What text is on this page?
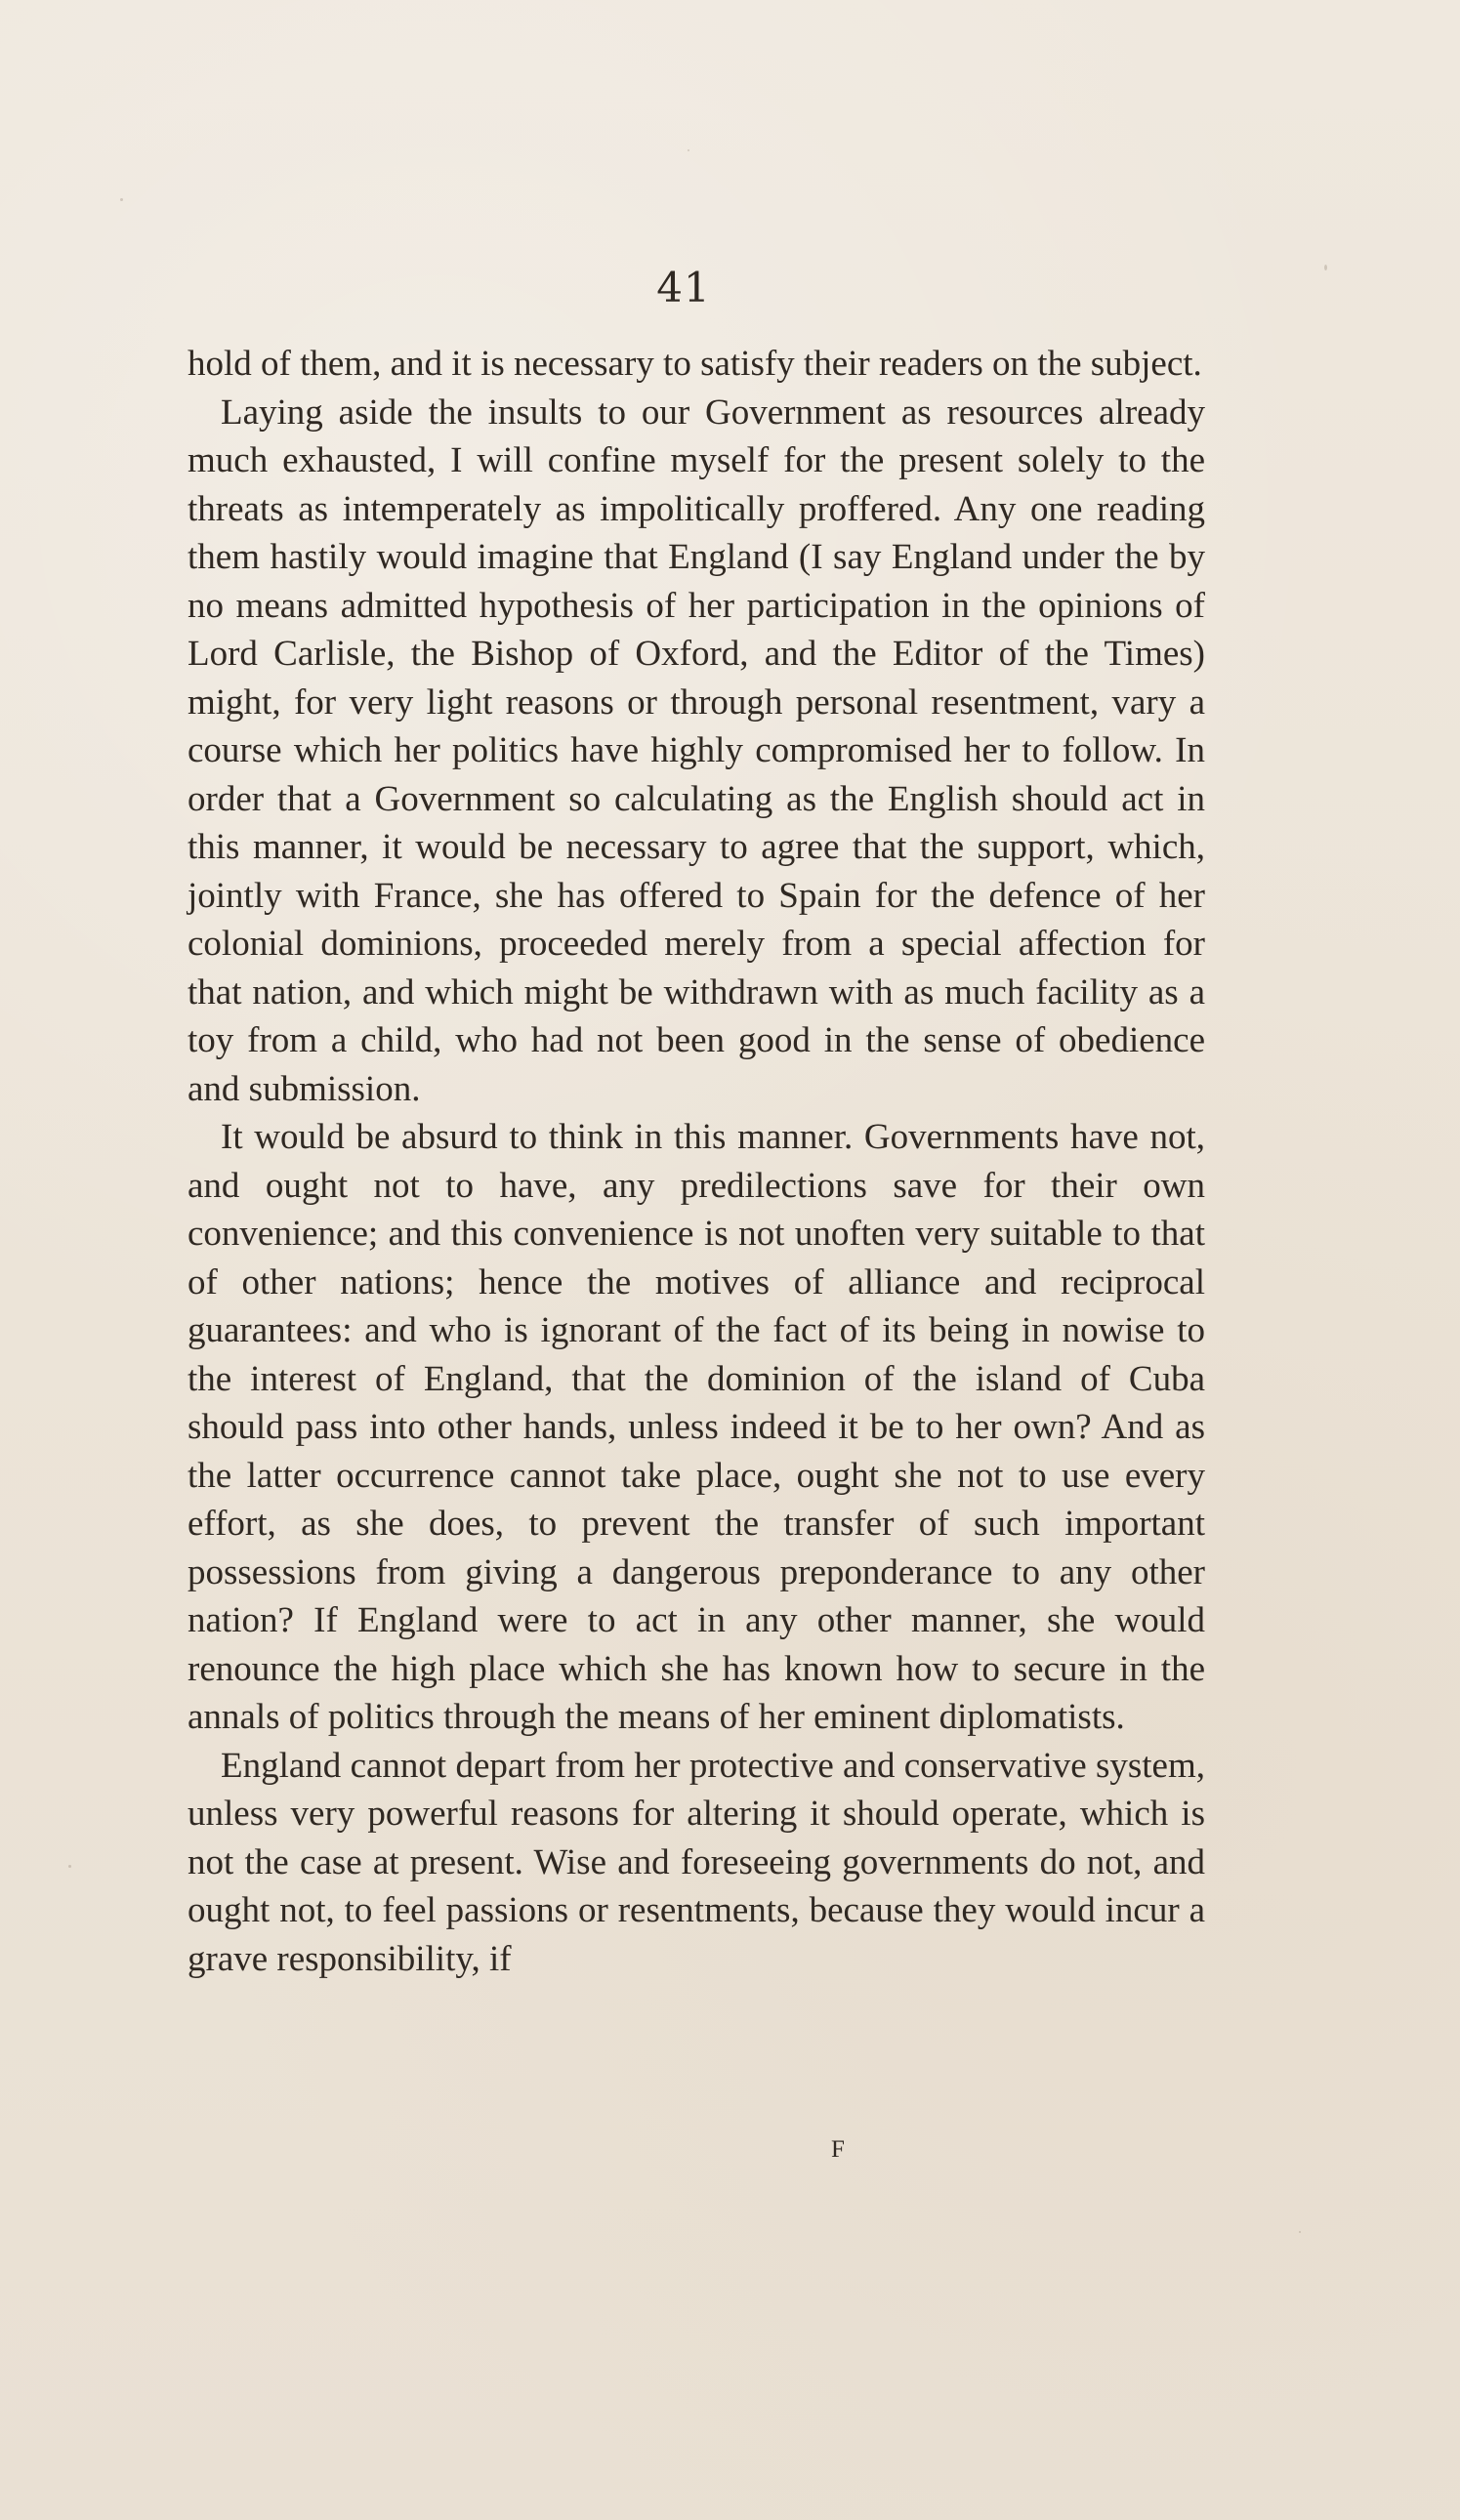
41

hold of them, and it is necessary to satisfy their readers on the subject.

Laying aside the insults to our Government as resources already much exhausted, I will confine myself for the present solely to the threats as intemperately as impolitically proffered. Any one reading them hastily would imagine that England (I say England under the by no means admitted hypothesis of her participation in the opinions of Lord Carlisle, the Bishop of Oxford, and the Editor of the Times) might, for very light reasons or through personal resentment, vary a course which her politics have highly compromised her to follow. In order that a Government so calculating as the English should act in this manner, it would be necessary to agree that the support, which, jointly with France, she has offered to Spain for the defence of her colonial dominions, proceeded merely from a special affection for that nation, and which might be withdrawn with as much facility as a toy from a child, who had not been good in the sense of obedience and submission.

It would be absurd to think in this manner. Governments have not, and ought not to have, any predilections save for their own convenience; and this convenience is not unoften very suitable to that of other nations; hence the motives of alliance and reciprocal guarantees: and who is ignorant of the fact of its being in nowise to the interest of England, that the dominion of the island of Cuba should pass into other hands, unless indeed it be to her own? And as the latter occurrence cannot take place, ought she not to use every effort, as she does, to prevent the transfer of such important possessions from giving a dangerous preponderance to any other nation? If England were to act in any other manner, she would renounce the high place which she has known how to secure in the annals of politics through the means of her eminent diplomatists.

England cannot depart from her protective and conservative system, unless very powerful reasons for altering it should operate, which is not the case at present. Wise and foreseeing governments do not, and ought not, to feel passions or resentments, because they would incur a grave responsibility, if

F
